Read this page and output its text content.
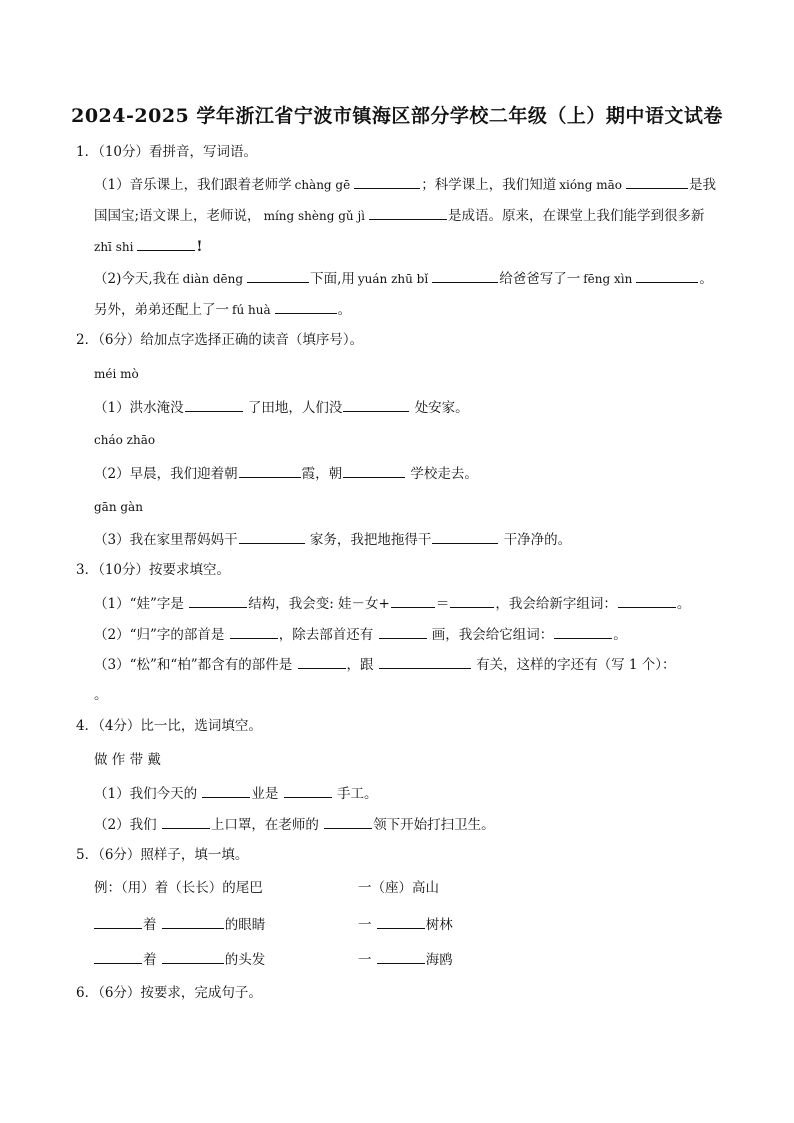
2024-2025 学年浙江省宁波市镇海区部分学校二年级（上）期中语文试卷
1．（10分）看拼音，写词语。
（1）音乐课上，我们跟着老师学 chàng gē	；科学课上，我们知道 xióng māo	是我
国国宝;语文课上，老师说， míng shèng gǔ jì	是成语。原来，在课堂上我们能学到很多新
zhī shi	!
（2)今天,我在 diàn dēng	下面,用 yuán zhū bǐ	给爸爸写了一 fēng xìn	。
另外，弟弟还配上了一 fú huà	。
2．（6分）给加点字选择正确的读音（填序号）。
méi mò
（1）洪水淹没	了田地，人们没	处安家。
cháo zhāo
（2）早晨，我们迎着朝	霞，朝	学校走去。
gān gàn
（3）我在家里帮妈妈干	家务，我把地拖得干	干净净的。
3．（10分）按要求填空。
（1）“娃”字是	结构，我会变: 娃－女+	＝	，我会给新字组词：	。
（2）“归”字的部首是	，除去部首还有	画，我会给它组词：	。
（3）“松”和“柏”都含有的部件是	，跟	有关，这样的字还有（写 1 个）：
。
4．（4分）比一比，选词填空。
做 作 带 戴
（1）我们今天的	业是	手工。
（2）我们	上口罩，在老师的	领下开始打扫卫生。
5．（6分）照样子，填一填。
例：（用）着（长长）的尾巴	一（座）高山
着	的眼睛	一	树林
着	的头发	一	海鸥
6．（6分）按要求，完成句子。
